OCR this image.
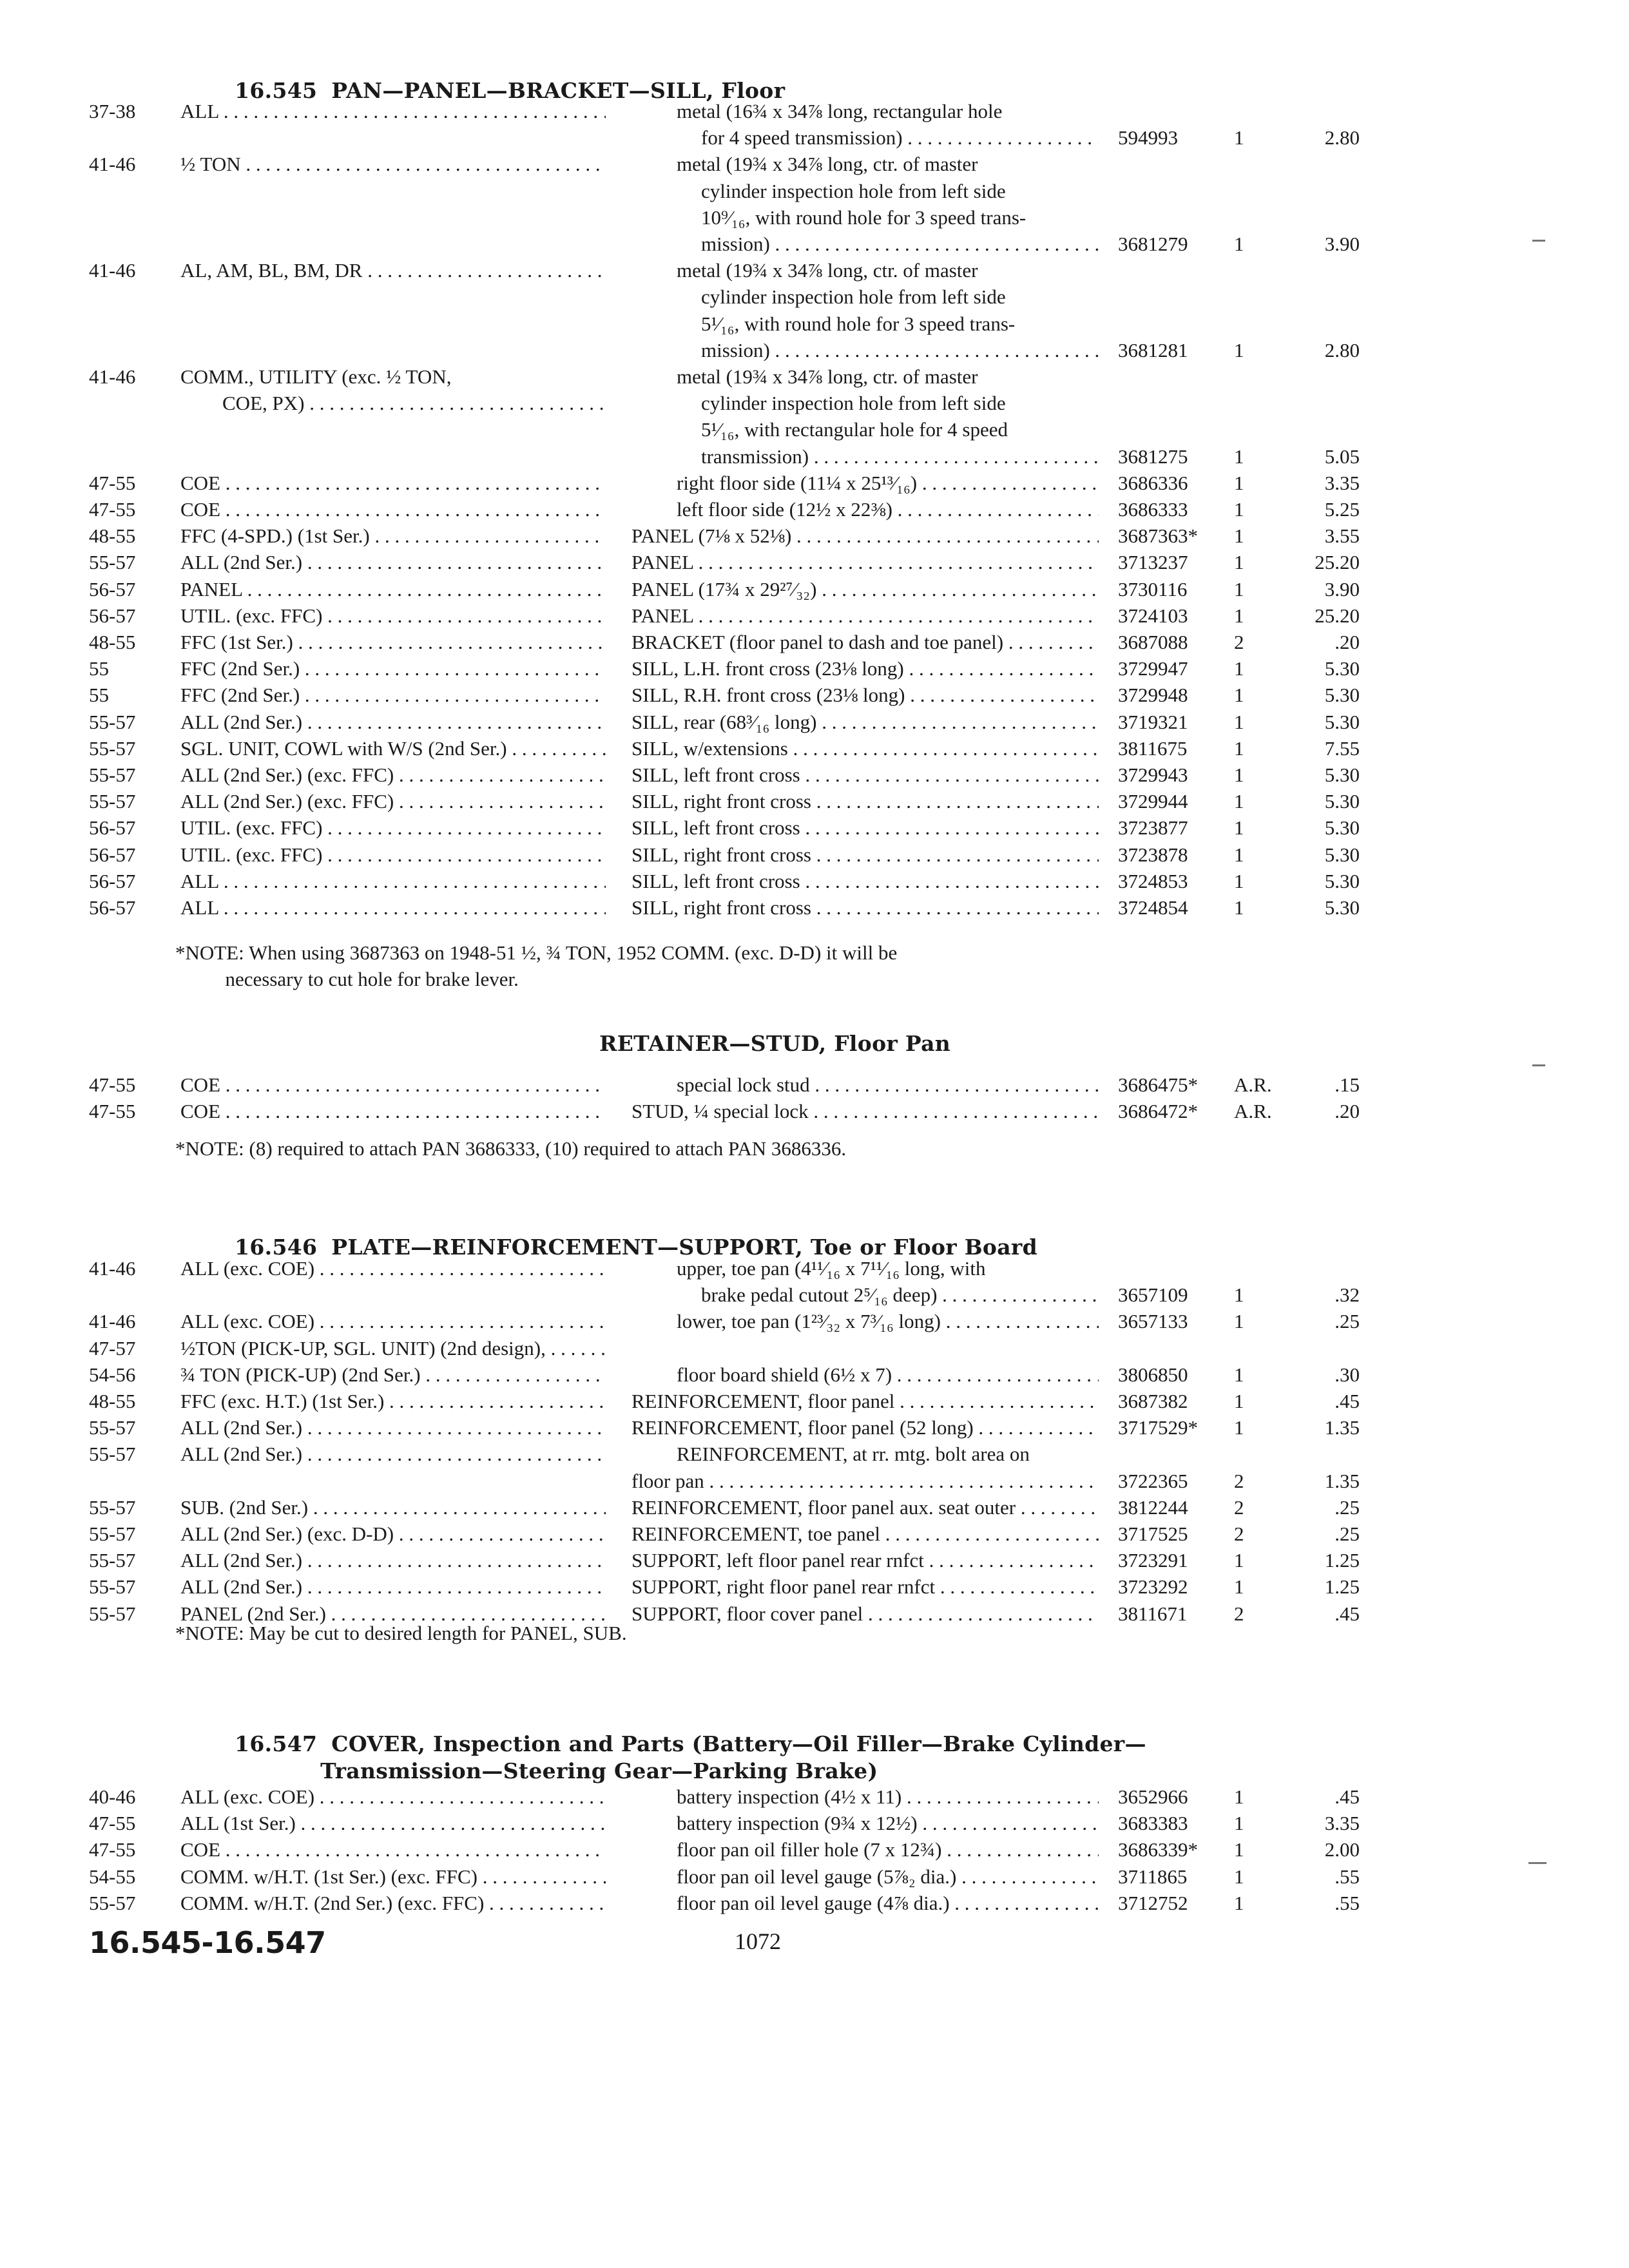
16.545 PAN—PANEL—BRACKET—SILL, Floor

37-38	ALL . . .	metal (16¾ x 34⅞ long, rectangular hole
for 4 speed transmission) . . .	594993	1	2.80
41-46	½ TON . . .	metal (19¾ x 34⅞ long, ctr. of master
cylinder inspection hole from left side
10⁹⁄₁₆, with round hole for 3 speed trans-
mission) . . .	3681279	1	3.90
41-46	AL, AM, BL, BM, DR . . .	metal (19¾ x 34⅞ long, ctr. of master
cylinder inspection hole from left side
5¹⁄₁₆, with round hole for 3 speed trans-
mission) . . .	3681281	1	2.80
41-46	COMM., UTILITY (exc. ½ TON,
COE, PX) . . .
metal (19¾ x 34⅞ long, ctr. of master
cylinder inspection hole from left side
5¹⁄₁₆, with rectangular hole for 4 speed
transmission) . . .	3681275	1	5.05
47-55	COE . . .	right floor side (11¼ x 25¹³⁄₁₆) . . .	3686336	1	3.35
47-55	COE . . .	left floor side (12½ x 22⅜) . . .	3686333	1	5.25
48-55	FFC (4-SPD.) (1st Ser.) . . .	PANEL (7⅛ x 52⅛) . . .	3687363*	1	3.55
55-57	ALL (2nd Ser.) . . .	PANEL . . .	3713237	1	25.20
56-57	PANEL . . .	PANEL (17¾ x 29²⁷⁄₃₂) . . .	3730116	1	3.90
56-57	UTIL. (exc. FFC) . . .	PANEL . . .	3724103	1	25.20
48-55	FFC (1st Ser.) . . .	BRACKET (floor panel to dash and toe panel) . . .	3687088	2	.20
55	FFC (2nd Ser.) . . .	SILL, L.H. front cross (23⅛ long) . . .	3729947	1	5.30
55	FFC (2nd Ser.) . . .	SILL, R.H. front cross (23⅛ long) . . .	3729948	1	5.30
55-57	ALL (2nd Ser.) . . .	SILL, rear (68³⁄₁₆ long) . . .	3719321	1	5.30
55-57	SGL. UNIT, COWL with W/S (2nd Ser.) . . .	SILL, w/extensions . . .	3811675	1	7.55
55-57	ALL (2nd Ser.) (exc. FFC) . . .	SILL, left front cross . . .	3729943	1	5.30
55-57	ALL (2nd Ser.) (exc. FFC) . . .	SILL, right front cross . . .	3729944	1	5.30
56-57	UTIL. (exc. FFC) . . .	SILL, left front cross . . .	3723877	1	5.30
56-57	UTIL. (exc. FFC) . . .	SILL, right front cross . . .	3723878	1	5.30
56-57	ALL . . .	SILL, left front cross . . .	3724853	1	5.30
56-57	ALL . . .	SILL, right front cross . . .	3724854	1	5.30
*NOTE: When using 3687363 on 1948-51 ½, ¾ TON, 1952 COMM. (exc. D-D) it will be
necessary to cut hole for brake lever.
RETAINER—STUD, Floor Pan
47-55	COE . . .	special lock stud . . .	3686475*	A.R.	.15
47-55	COE . . .	STUD, ¼ special lock . . .	3686472*	A.R.	.20
*NOTE: (8) required to attach PAN 3686333, (10) required to attach PAN 3686336.

16.546 PLATE—REINFORCEMENT—SUPPORT, Toe or Floor Board

41-46	ALL (exc. COE) . . .	upper, toe pan (4¹¹⁄₁₆ x 7¹¹⁄₁₆ long, with
brake pedal cutout 2⁵⁄₁₆ deep) . . .	3657109	1	.32
41-46	ALL (exc. COE) . . .	lower, toe pan (1²³⁄₃₂ x 7³⁄₁₆ long) . . .	3657133	1	.25
47-57	½TON (PICK-UP, SGL. UNIT) (2nd design), . . .
54-56	¾ TON (PICK-UP) (2nd Ser.) . . .	floor board shield (6½ x 7) . . .	3806850	1	.30
48-55	FFC (exc. H.T.) (1st Ser.) . . .	REINFORCEMENT, floor panel . . .	3687382	1	.45
55-57	ALL (2nd Ser.) . . .	REINFORCEMENT, floor panel (52 long) . . .	3717529*	1	1.35
55-57	ALL (2nd Ser.) . . .	REINFORCEMENT, at rr. mtg. bolt area on
floor pan . . .	3722365	2	1.35
55-57	SUB. (2nd Ser.) . . .	REINFORCEMENT, floor panel aux. seat outer . . .	3812244	2	.25
55-57	ALL (2nd Ser.) (exc. D-D) . . .	REINFORCEMENT, toe panel . . .	3717525	2	.25
55-57	ALL (2nd Ser.) . . .	SUPPORT, left floor panel rear rnfct . . .	3723291	1	1.25
55-57	ALL (2nd Ser.) . . .	SUPPORT, right floor panel rear rnfct . . .	3723292	1	1.25
55-57	PANEL (2nd Ser.) . . .	SUPPORT, floor cover panel . . .	3811671	2	.45
*NOTE: May be cut to desired length for PANEL, SUB.

16.547 COVER, Inspection and Parts (Battery—Oil Filler—Brake Cylinder—

Transmission—Steering Gear—Parking Brake)

40-46	ALL (exc. COE) . . .	battery inspection (4½ x 11) . . .	3652966	1	.45
47-55	ALL (1st Ser.) . . .	battery inspection (9¾ x 12½) . . .	3683383	1	3.35
47-55	COE . . .	floor pan oil filler hole (7 x 12¾) . . .	3686339*	1	2.00
54-55	COMM. w/H.T. (1st Ser.) (exc. FFC) . . .	floor pan oil level gauge (5⅞₂ dia.) . . .	3711865	1	.55
55-57	COMM. w/H.T. (2nd Ser.) (exc. FFC) . . .	floor pan oil level gauge (4⅞ dia.) . . .	3712752	1	.55
16.545-16.547	1072
